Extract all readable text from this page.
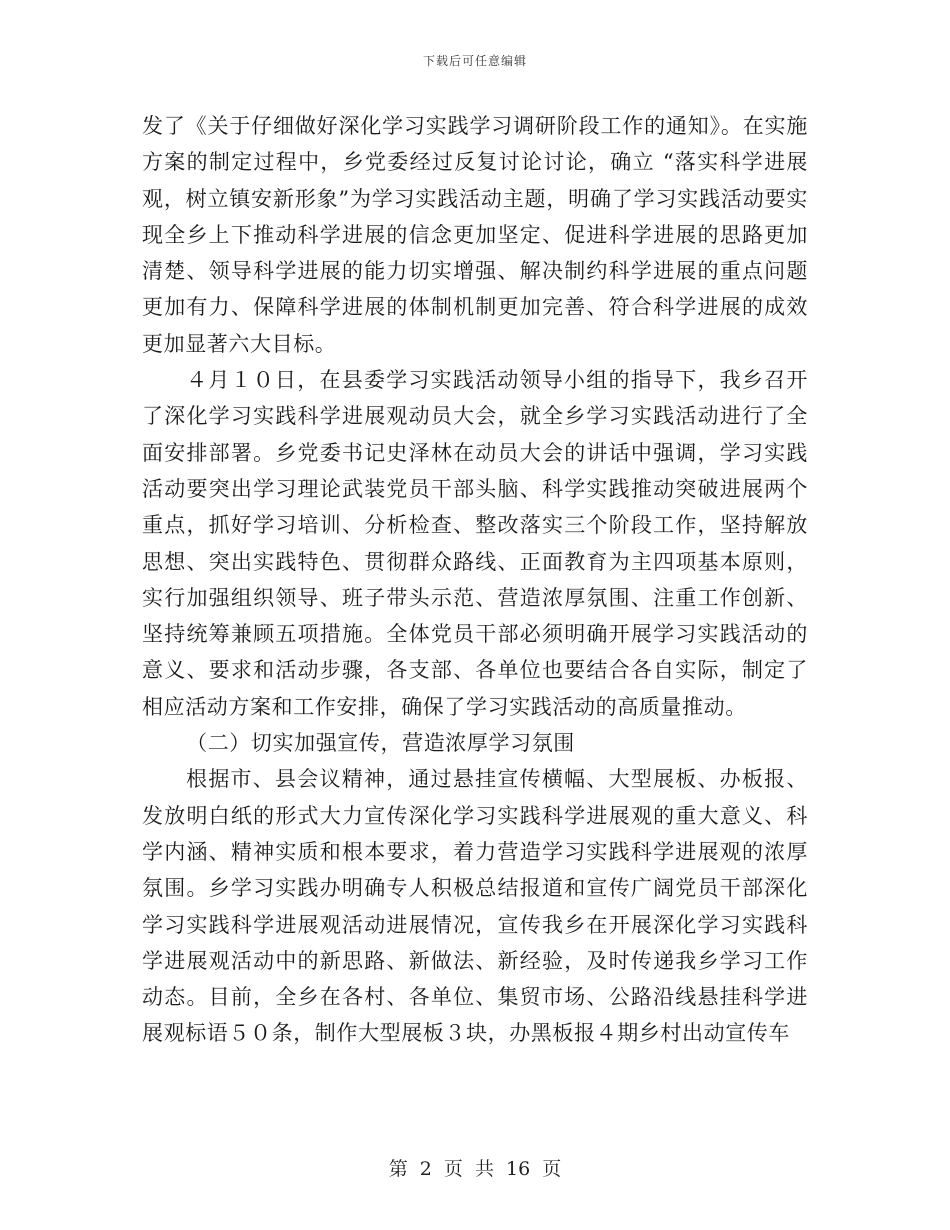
下载后可任意编辑

发了《关于仔细做好深化学习实践学习调研阶段工作的通知》。在实施方案的制定过程中，乡党委经过反复讨论讨论，确立 “落实科学进展观，树立镇安新形象”为学习实践活动主题，明确了学习实践活动要实现全乡上下推动科学进展的信念更加坚定、促进科学进展的思路更加清楚、领导科学进展的能力切实增强、解决制约科学进展的重点问题更加有力、保障科学进展的体制机制更加完善、符合科学进展的成效更加显著六大目标。

４月１０日，在县委学习实践活动领导小组的指导下，我乡召开了深化学习实践科学进展观动员大会，就全乡学习实践活动进行了全面安排部署。乡党委书记史泽林在动员大会的讲话中强调，学习实践活动要突出学习理论武装党员干部头脑、科学实践推动突破进展两个重点，抓好学习培训、分析检查、整改落实三个阶段工作，坚持解放思想、突出实践特色、贯彻群众路线、正面教育为主四项基本原则，实行加强组织领导、班子带头示范、营造浓厚氛围、注重工作创新、坚持统筹兼顾五项措施。全体党员干部必须明确开展学习实践活动的意义、要求和活动步骤，各支部、各单位也要结合各自实际，制定了相应活动方案和工作安排，确保了学习实践活动的高质量推动。

（二）切实加强宣传，营造浓厚学习氛围

根据市、县会议精神，通过悬挂宣传横幅、大型展板、办板报、发放明白纸的形式大力宣传深化学习实践科学进展观的重大意义、科学内涵、精神实质和根本要求，着力营造学习实践科学进展观的浓厚氛围。乡学习实践办明确专人积极总结报道和宣传广阔党员干部深化学习实践科学进展观活动进展情况，宣传我乡在开展深化学习实践科学进展观活动中的新思路、新做法、新经验，及时传递我乡学习工作动态。目前，全乡在各村、各单位、集贸市场、公路沿线悬挂科学进展观标语５０条，制作大型展板３块，办黑板报４期乡村出动宣传车

第 2 页 共 16 页
